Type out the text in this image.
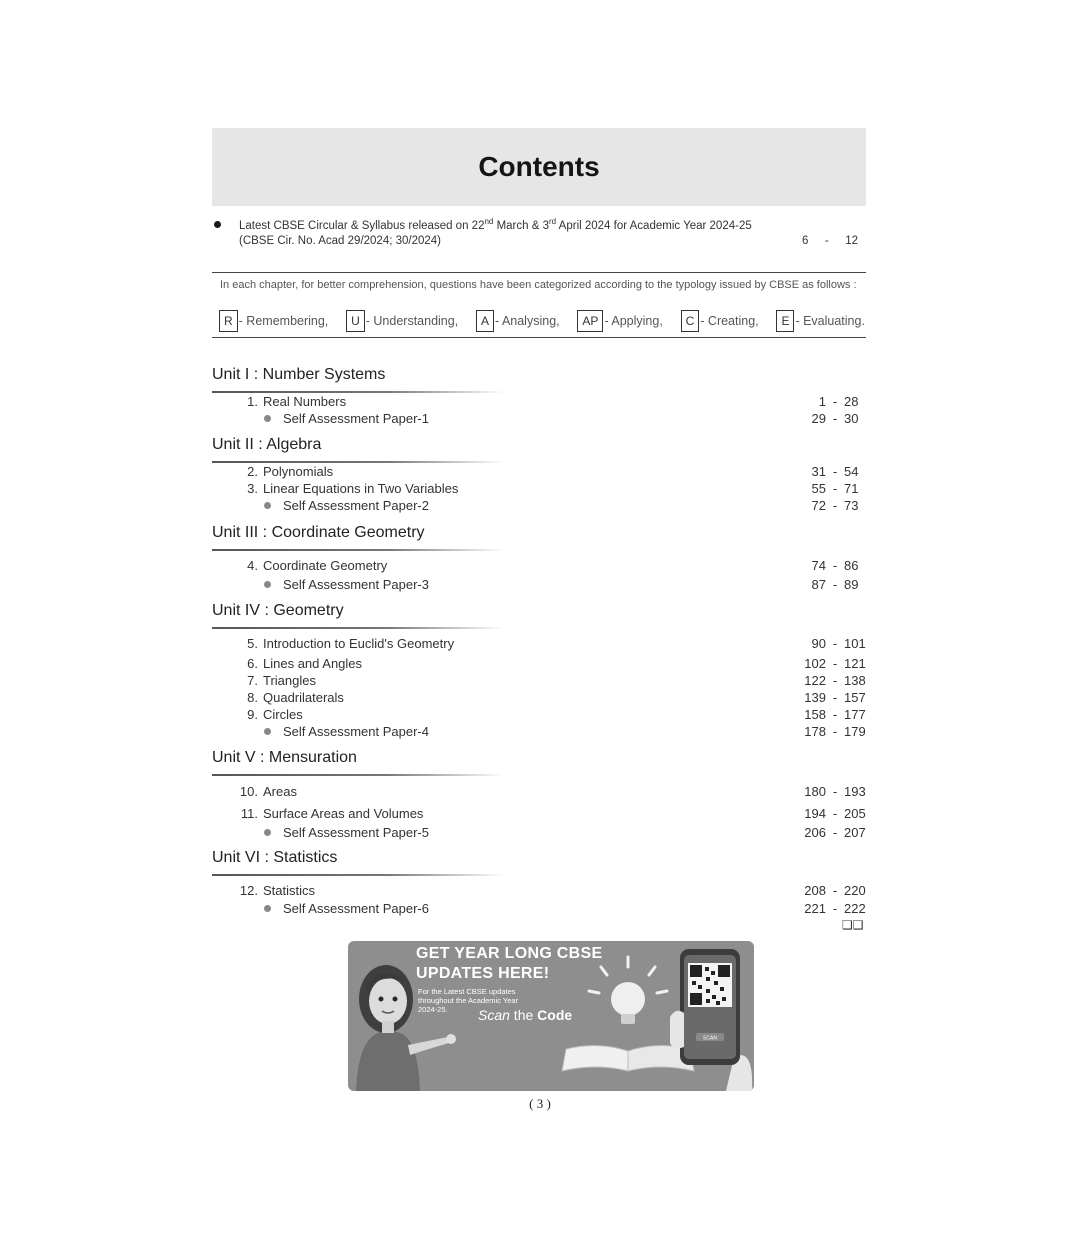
Contents
Latest CBSE Circular & Syllabus released on 22nd March & 3rd April 2024 for Academic Year 2024-25
(CBSE Cir. No. Acad 29/2024; 30/2024)	6 - 12
In each chapter, for better comprehension, questions have been categorized according to the typology issued by CBSE as follows :
R - Remembering,	U - Understanding,	A - Analysing,	AP - Applying,	C - Creating,	E - Evaluating.
Unit I : Number Systems
1. Real Numbers	1 - 28
Self Assessment Paper-1	29 - 30
Unit II : Algebra
2. Polynomials	31 - 54
3. Linear Equations in Two Variables	55 - 71
Self Assessment Paper-2	72 - 73
Unit III : Coordinate Geometry
4. Coordinate Geometry	74 - 86
Self Assessment Paper-3	87 - 89
Unit IV : Geometry
5. Introduction to Euclid's Geometry	90 - 101
6. Lines and Angles	102 - 121
7. Triangles	122 - 138
8. Quadrilaterals	139 - 157
9. Circles	158 - 177
Self Assessment Paper-4	178 - 179
Unit V : Mensuration
10. Areas	180 - 193
11. Surface Areas and Volumes	194 - 205
Self Assessment Paper-5	206 - 207
Unit VI : Statistics
12. Statistics	208 - 220
Self Assessment Paper-6	221 - 222
❑❑
GET YEAR LONG CBSE
UPDATES HERE!
For the Latest CBSE updates
throughout the Academic Year
2024-25. Scan the Code
SCAN
( 3 )
